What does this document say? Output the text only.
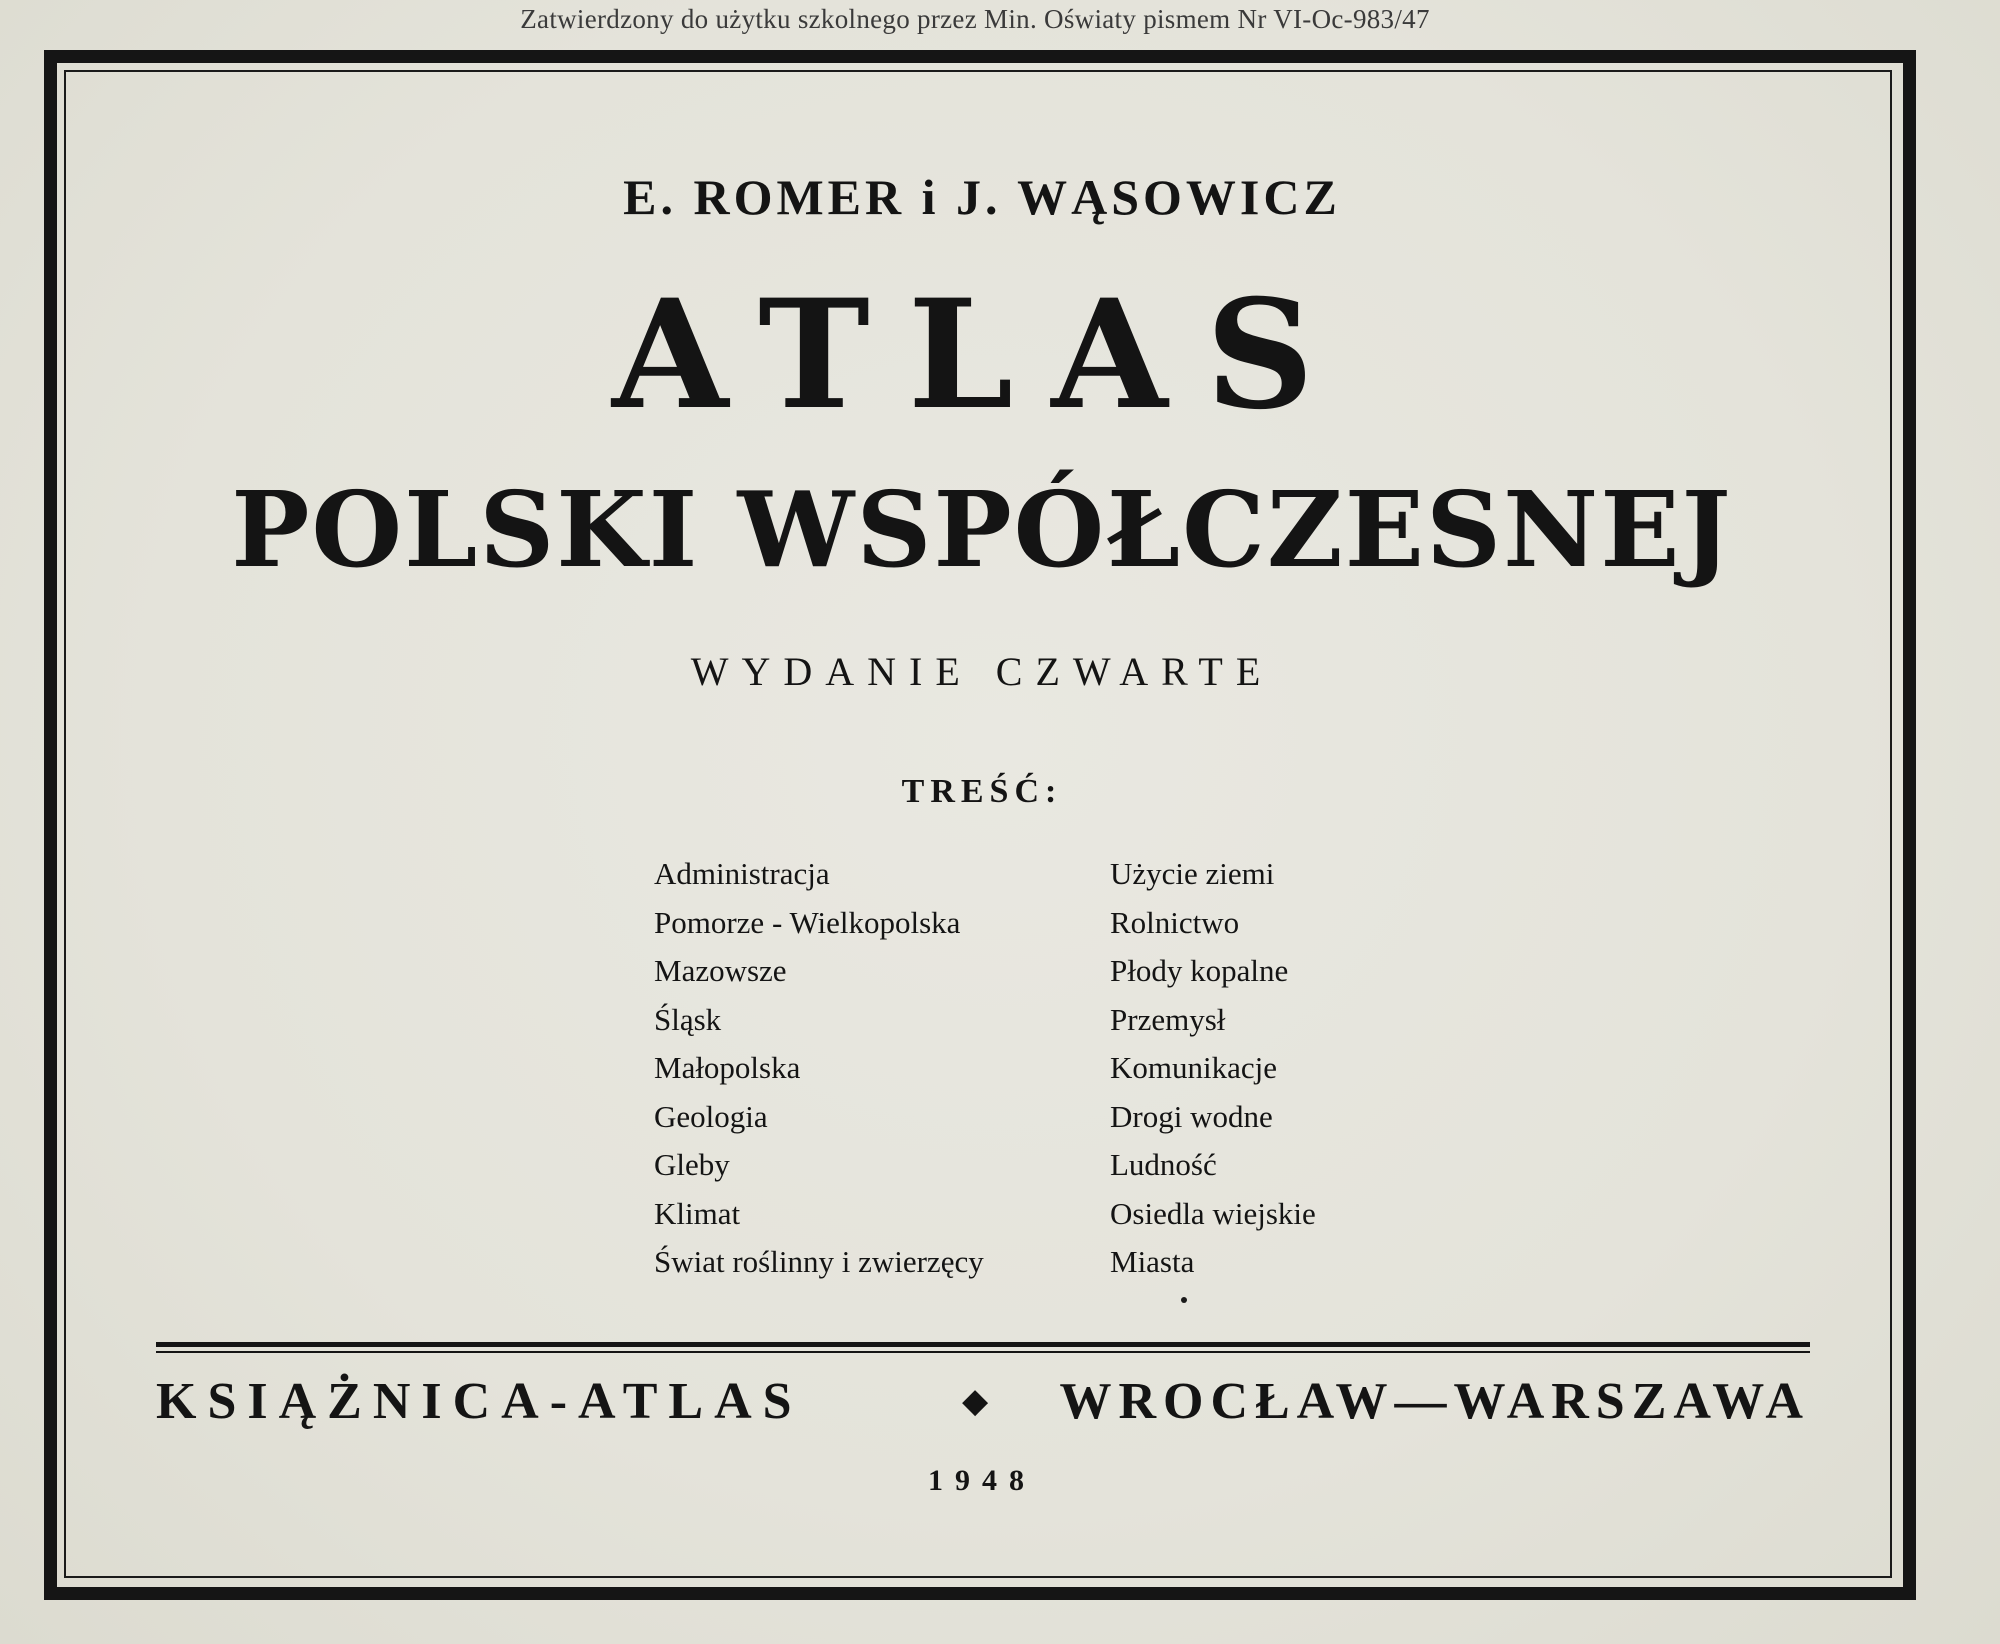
Zatwierdzony do użytku szkolnego przez Min. Oświaty pismem Nr VI-Oc-983/47
E. ROMER i J. WĄSOWICZ
ATLAS
POLSKI WSPÓŁCZESNEJ
WYDANIE CZWARTE
TREŚĆ:
Administracja
Pomorze - Wielkopolska
Mazowsze
Śląsk
Małopolska
Geologia
Gleby
Klimat
Świat roślinny i zwierzęcy
Użycie ziemi
Rolnictwo
Płody kopalne
Przemysł
Komunikacje
Drogi wodne
Ludność
Osiedla wiejskie
Miasta
KSIĄŻNICA-ATLAS	◆ WROCŁAW—WARSZAWA
1948
